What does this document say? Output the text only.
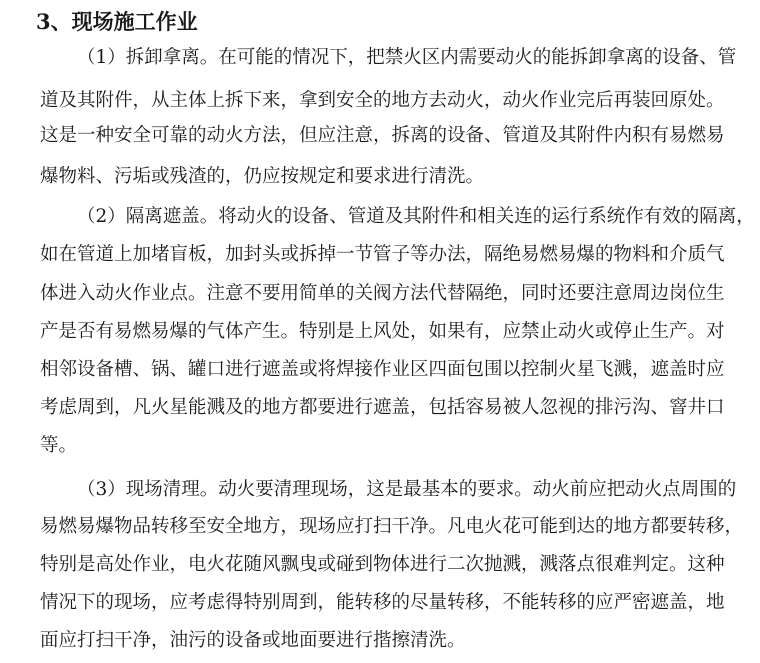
3、现场施工作业

（1）拆卸拿离。在可能的情况下，把禁火区内需要动火的能拆卸拿离的设备、管

道及其附件，从主体上拆下来，拿到安全的地方去动火，动火作业完后再装回原处。

这是一种安全可靠的动火方法，但应注意，拆离的设备、管道及其附件内积有易燃易

爆物料、污垢或残渣的，仍应按规定和要求进行清洗。

（2）隔离遮盖。将动火的设备、管道及其附件和相关连的运行系统作有效的隔离，

如在管道上加堵盲板，加封头或拆掉一节管子等办法，隔绝易燃易爆的物料和介质气

体进入动火作业点。注意不要用简单的关阀方法代替隔绝，同时还要注意周边岗位生

产是否有易燃易爆的气体产生。特别是上风处，如果有，应禁止动火或停止生产。对

相邻设备槽、锅、罐口进行遮盖或将焊接作业区四面包围以控制火星飞溅，遮盖时应

考虑周到，凡火星能溅及的地方都要进行遮盖，包括容易被人忽视的排污沟、窨井口

等。

（3）现场清理。动火要清理现场，这是最基本的要求。动火前应把动火点周围的

易燃易爆物品转移至安全地方，现场应打扫干净。凡电火花可能到达的地方都要转移，

特别是高处作业，电火花随风飘曳或碰到物体进行二次抛溅，溅落点很难判定。这种

情况下的现场，应考虑得特别周到，能转移的尽量转移，不能转移的应严密遮盖，地

面应打扫干净，油污的设备或地面要进行揩擦清洗。
